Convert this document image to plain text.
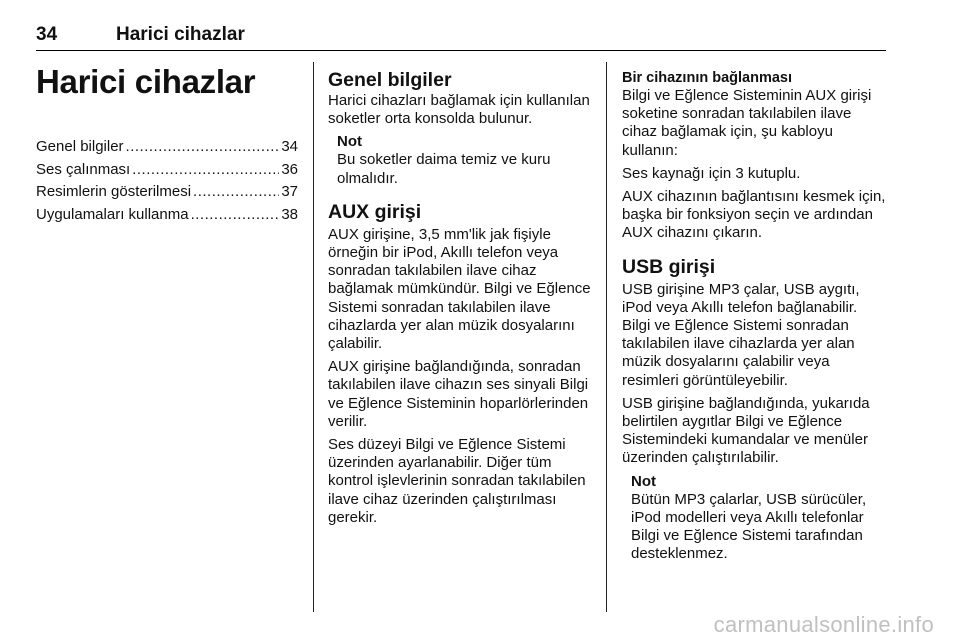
34	Harici cihazlar
Harici cihazlar
Genel bilgiler .....	34
Ses çalınması .....	36
Resimlerin gösterilmesi .....	37
Uygulamaları kullanma .....	38
Genel bilgiler

Harici cihazları bağlamak için kullanılan soketler orta konsolda bulunur.

Not

Bu soketler daima temiz ve kuru olmalıdır.

AUX girişi

AUX girişine, 3,5 mm'lik jak fişiyle örneğin bir iPod, Akıllı telefon veya sonradan takılabilen ilave cihaz bağlamak mümkündür. Bilgi ve Eğlence Sistemi sonradan takılabilen ilave cihazlarda yer alan müzik dosyalarını çalabilir.

AUX girişine bağlandığında, sonradan takılabilen ilave cihazın ses sinyali Bilgi ve Eğlence Sisteminin hoparlörlerinden verilir.

Ses düzeyi Bilgi ve Eğlence Sistemi üzerinden ayarlanabilir. Diğer tüm kontrol işlevlerinin sonradan takılabilen ilave cihaz üzerinden çalıştırılması gerekir.

Bir cihazının bağlanması

Bilgi ve Eğlence Sisteminin AUX girişi soketine sonradan takılabilen ilave cihaz bağlamak için, şu kabloyu kullanın:

Ses kaynağı için 3 kutuplu.

AUX cihazının bağlantısını kesmek için, başka bir fonksiyon seçin ve ardından AUX cihazını çıkarın.

USB girişi

USB girişine MP3 çalar, USB aygıtı, iPod veya Akıllı telefon bağlanabilir. Bilgi ve Eğlence Sistemi sonradan takılabilen ilave cihazlarda yer alan müzik dosyalarını çalabilir veya resimleri görüntüleyebilir.

USB girişine bağlandığında, yukarıda belirtilen aygıtlar Bilgi ve Eğlence Sistemindeki kumandalar ve menüler üzerinden çalıştırılabilir.

Not

Bütün MP3 çalarlar, USB sürücüler, iPod modelleri veya Akıllı telefonlar Bilgi ve Eğlence Sistemi tarafından desteklenmez.

carmanualsonline.info
